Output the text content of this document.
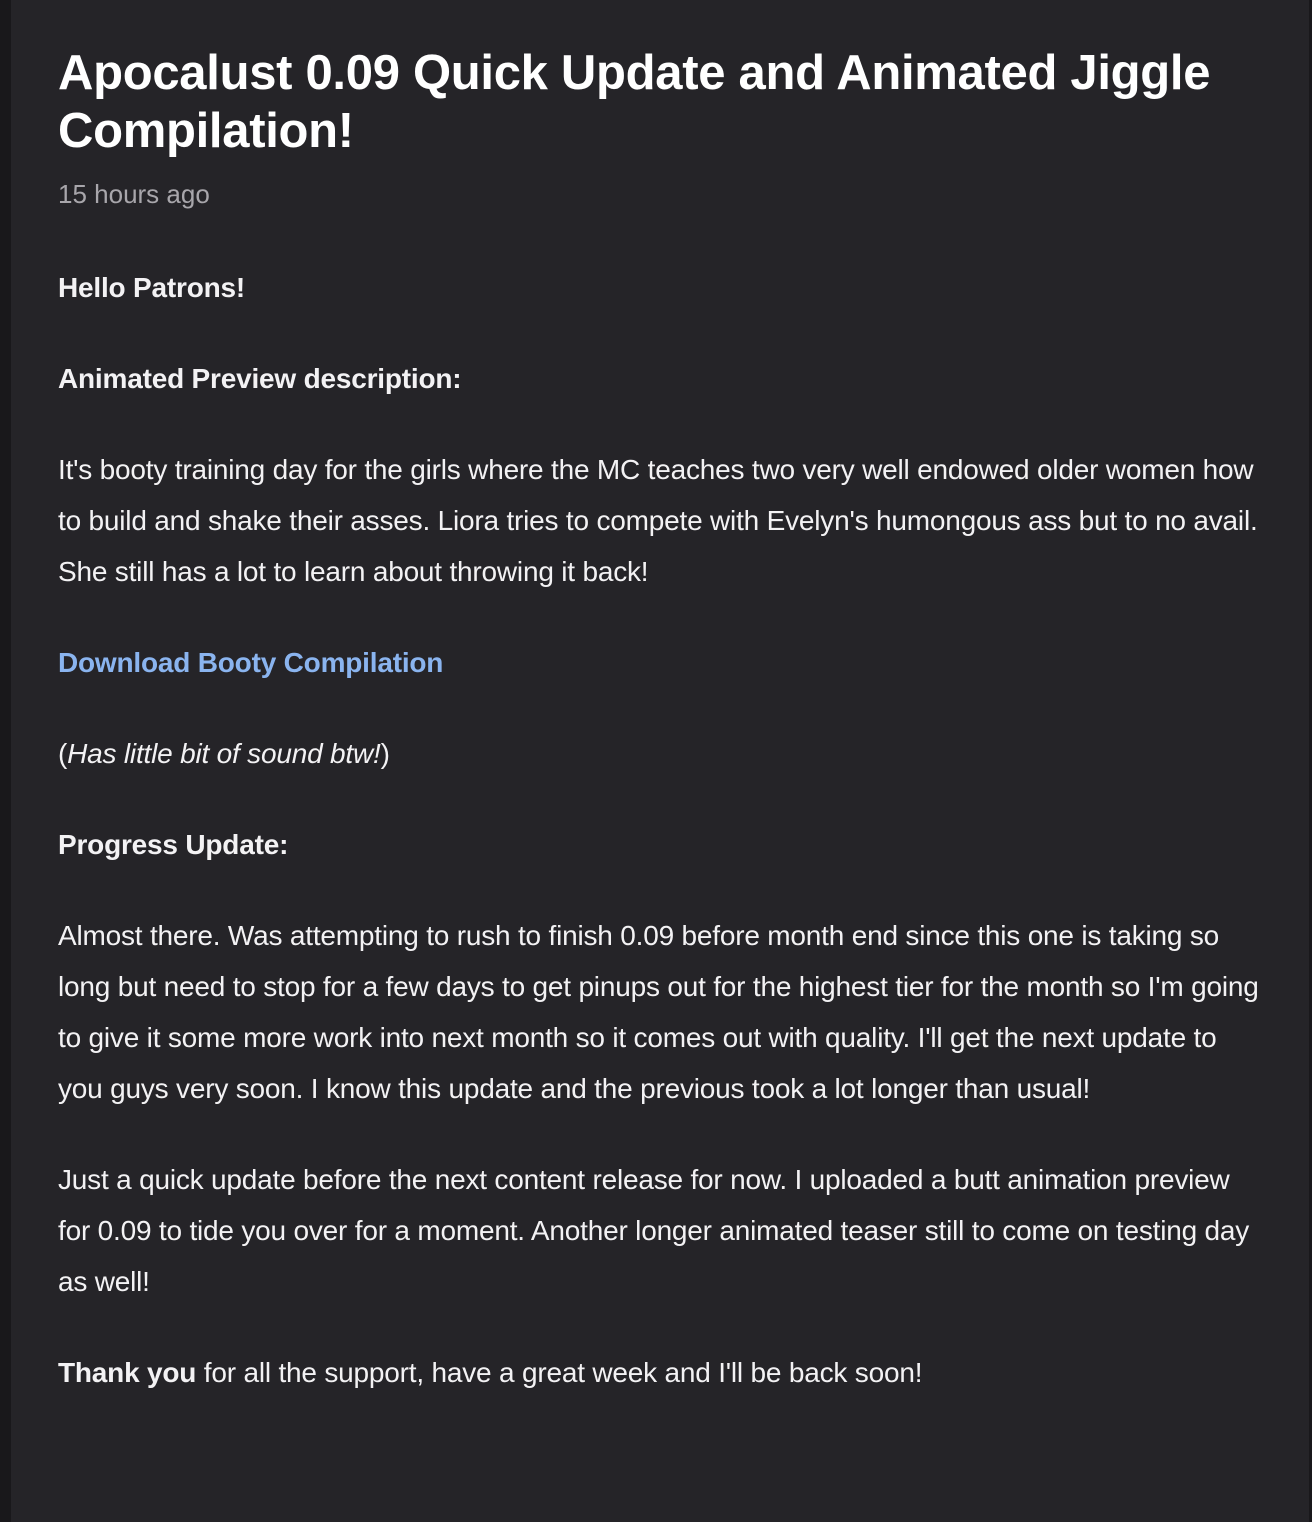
Apocalust 0.09 Quick Update and Animated Jiggle Compilation!
15 hours ago

Hello Patrons!

Animated Preview description:

It's booty training day for the girls where the MC teaches two very well endowed older women how to build and shake their asses. Liora tries to compete with Evelyn's humongous ass but to no avail. She still has a lot to learn about throwing it back!

Download Booty Compilation

(Has little bit of sound btw!)

Progress Update:

Almost there. Was attempting to rush to finish 0.09 before month end since this one is taking so long but need to stop for a few days to get pinups out for the highest tier for the month so I'm going to give it some more work into next month so it comes out with quality. I'll get the next update to you guys very soon. I know this update and the previous took a lot longer than usual!

Just a quick update before the next content release for now. I uploaded a butt animation preview for 0.09 to tide you over for a moment. Another longer animated teaser still to come on testing day as well!

Thank you for all the support, have a great week and I'll be back soon!
